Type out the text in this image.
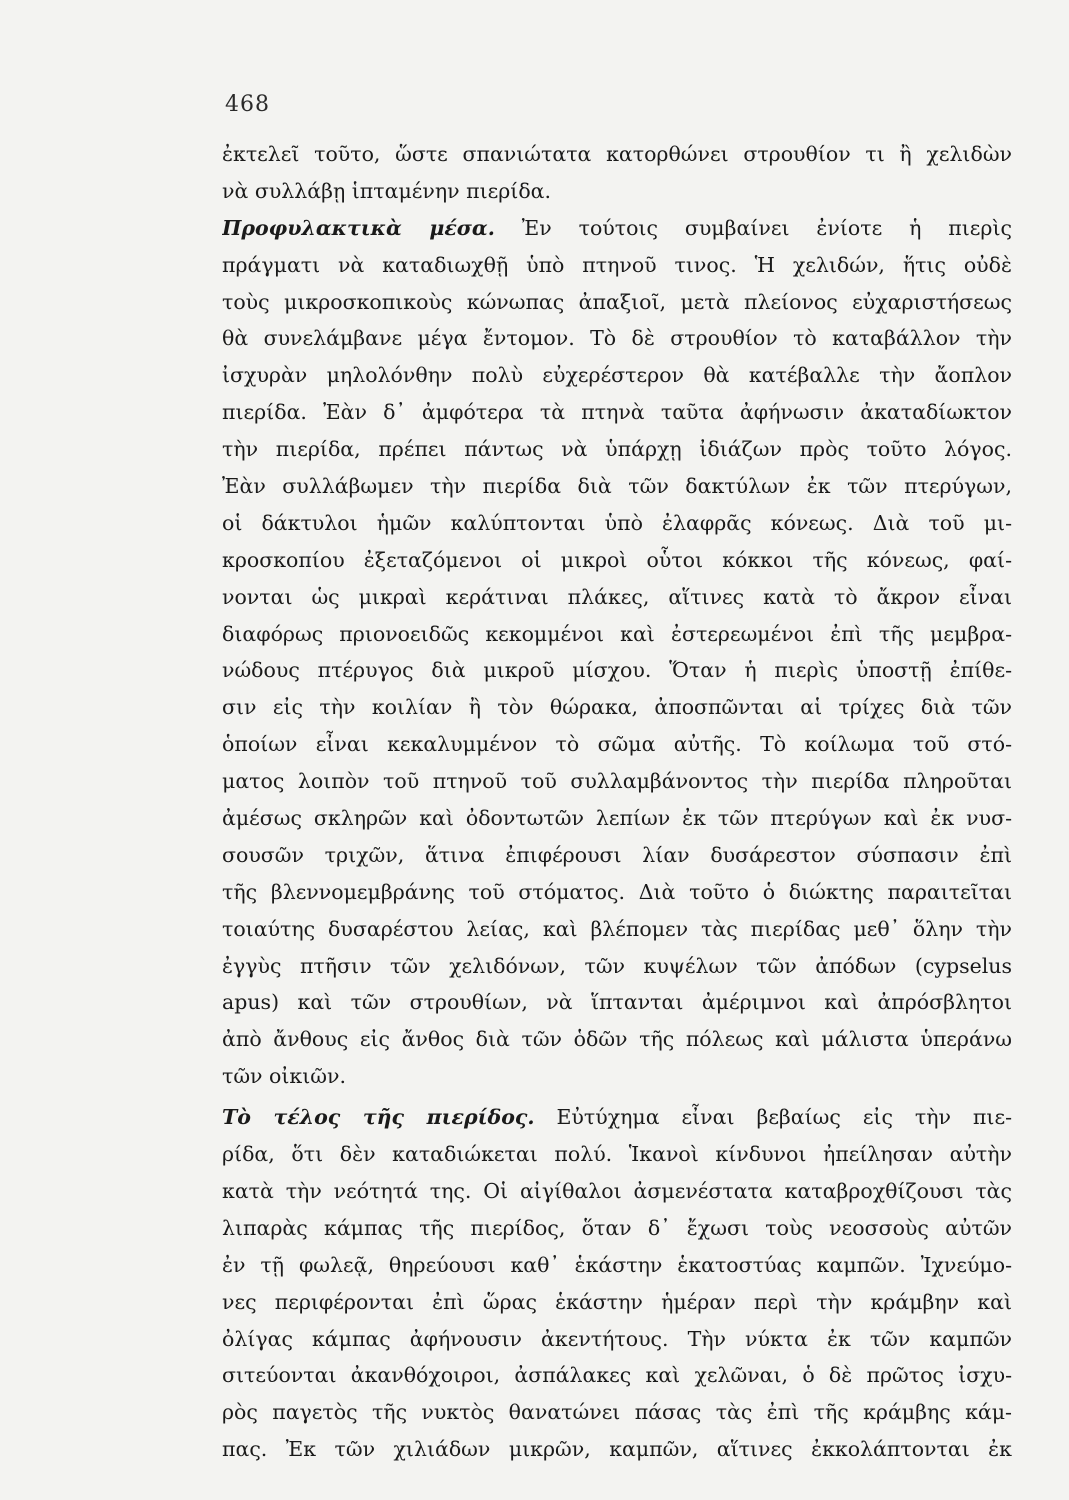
468
ἐκτελεῖ τοῦτο, ὥστε σπανιώτατα κατορθώνει στρουθίον τι ἢ χελιδὼν
νὰ συλλάβῃ ἱπταμένην πιερίδα.
Προφυλακτικὰ μέσα. Ἐν τούτοις συμβαίνει ἐνίοτε ἡ πιερὶς
πράγματι νὰ καταδιωχθῇ ὑπὸ πτηνοῦ τινος. Ἡ χελιδών, ἥτις οὐδὲ
τοὺς μικροσκοπικοὺς κώνωπας ἀπαξιοῖ, μετὰ πλείονος εὐχαριστήσεως
θὰ συνελάμβανε μέγα ἔντομον. Τὸ δὲ στρουθίον τὸ καταβάλλον τὴν
ἰσχυρὰν μηλολόνθην πολὺ εὐχερέστερον θὰ κατέβαλλε τὴν ἄοπλον
πιερίδα. Ἐὰν δ᾿ ἀμφότερα τὰ πτηνὰ ταῦτα ἀφήνωσιν ἀκαταδίωκτον
τὴν πιερίδα, πρέπει πάντως νὰ ὑπάρχῃ ἰδιάζων πρὸς τοῦτο λόγος.
Ἐὰν συλλάβωμεν τὴν πιερίδα διὰ τῶν δακτύλων ἐκ τῶν πτερύγων,
οἱ δάκτυλοι ἡμῶν καλύπτονται ὑπὸ ἐλαφρᾶς κόνεως. Διὰ τοῦ μι-
κροσκοπίου ἐξεταζόμενοι οἱ μικροὶ οὗτοι κόκκοι τῆς κόνεως, φαί-
νονται ὡς μικραὶ κεράτιναι πλάκες, αἵτινες κατὰ τὸ ἄκρον εἶναι
διαφόρως πριονοειδῶς κεκομμένοι καὶ ἐστερεωμένοι ἐπὶ τῆς μεμβρα-
νώδους πτέρυγος διὰ μικροῦ μίσχου. Ὅταν ἡ πιερὶς ὑποστῇ ἐπίθε-
σιν εἰς τὴν κοιλίαν ἢ τὸν θώρακα, ἀποσπῶνται αἱ τρίχες διὰ τῶν
ὁποίων εἶναι κεκαλυμμένον τὸ σῶμα αὐτῆς. Τὸ κοίλωμα τοῦ στό-
ματος λοιπὸν τοῦ πτηνοῦ τοῦ συλλαμβάνοντος τὴν πιερίδα πληροῦται
ἀμέσως σκληρῶν καὶ ὀδοντωτῶν λεπίων ἐκ τῶν πτερύγων καὶ ἐκ νυσ-
σουσῶν τριχῶν, ἅτινα ἐπιφέρουσι λίαν δυσάρεστον σύσπασιν ἐπὶ
τῆς βλεννομεμβράνης τοῦ στόματος. Διὰ τοῦτο ὁ διώκτης παραιτεῖται
τοιαύτης δυσαρέστου λείας, καὶ βλέπομεν τὰς πιερίδας μεθ᾿ ὅλην τὴν
ἐγγὺς πτῆσιν τῶν χελιδόνων, τῶν κυψέλων τῶν ἀπόδων (cypselus
apus) καὶ τῶν στρουθίων, νὰ ἵπτανται ἀμέριμνοι καὶ ἀπρόσβλητοι
ἀπὸ ἄνθους εἰς ἄνθος διὰ τῶν ὁδῶν τῆς πόλεως καὶ μάλιστα ὑπεράνω
τῶν οἰκιῶν.
Τὸ τέλος τῆς πιερίδος. Εὐτύχημα εἶναι βεβαίως εἰς τὴν πιε-
ρίδα, ὅτι δὲν καταδιώκεται πολύ. Ἱκανοὶ κίνδυνοι ἠπείλησαν αὐτὴν
κατὰ τὴν νεότητά της. Οἱ αἰγίθαλοι ἀσμενέστατα καταβροχθίζουσι τὰς
λιπαρὰς κάμπας τῆς πιερίδος, ὅταν δ᾿ ἔχωσι τοὺς νεοσσοὺς αὐτῶν
ἐν τῇ φωλεᾷ, θηρεύουσι καθ᾿ ἑκάστην ἑκατοστύας καμπῶν. Ἰχνεύμο-
νες περιφέρονται ἐπὶ ὥρας ἑκάστην ἡμέραν περὶ τὴν κράμβην καὶ
ὀλίγας κάμπας ἀφήνουσιν ἀκεντήτους. Τὴν νύκτα ἐκ τῶν καμπῶν
σιτεύονται ἀκανθόχοιροι, ἀσπάλακες καὶ χελῶναι, ὁ δὲ πρῶτος ἰσχυ-
ρὸς παγετὸς τῆς νυκτὸς θανατώνει πάσας τὰς ἐπὶ τῆς κράμβης κάμ-
πας. Ἐκ τῶν χιλιάδων μικρῶν, καμπῶν, αἵτινες ἐκκολάπτονται ἐκ
